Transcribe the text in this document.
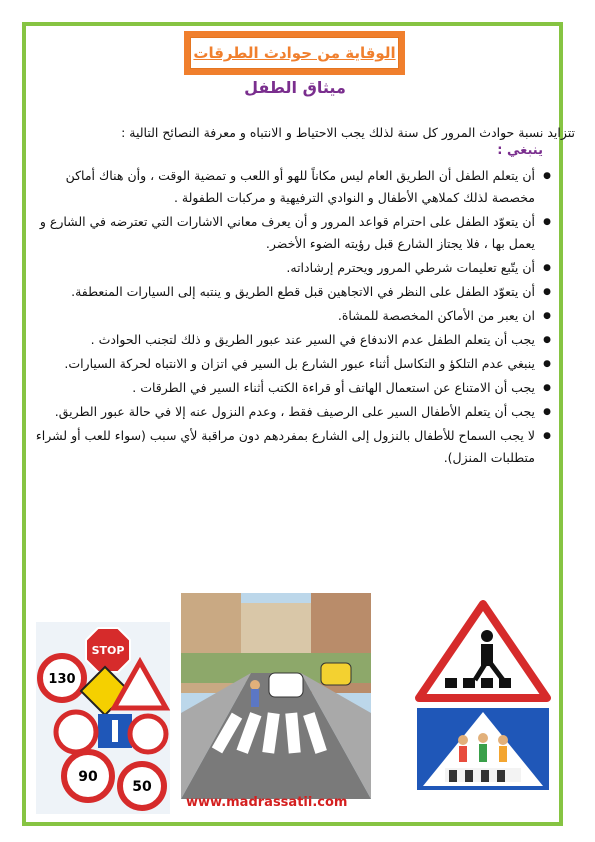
الوقاية من حوادث الطرقات
ميثاق الطفل
تتزايد نسبة حوادث المرور كل سنة لذلك يجب الاحتياط و الانتباه و معرفة النصائح التالية :
ينبغي :
● أن يتعلم الطفل أن الطريق العام ليس مكاناً للهو أو اللعب و تمضية الوقت ، وأن هناك أماكن مخصصة لذلك كملاهي الأطفال و النوادي الترفيهية و مركبات الطفولة .
● أن يتعوّد الطفل على احترام قواعد المرور و أن يعرف معاني الاشارات التي تعترضه في الشارع و يعمل بها ، فلا يجتاز الشارع قبل رؤيته الضوء الأخضر.
● أن يتّبع تعليمات شرطي المرور ويحترم إرشاداته.
● أن يتعوّد الطفل على النظر في الاتجاهين قبل قطع الطريق و ينتبه إلى السيارات المنعطفة.
● ان يعبر من الأماكن المخصصة للمشاة.
● يجب أن يتعلم الطفل عدم الاندفاع في السير عند عبور الطريق و ذلك لتجنب الحوادث .
● ينبغي عدم التلكؤ و التكاسل أثناء عبور الشارع بل السير في اتزان و الانتباه لحركة السيارات.
● يجب أن الامتناع عن استعمال الهاتف أو قراءة الكتب أثناء السير في الطرقات .
● يجب أن يتعلم الأطفال السير على الرصيف فقط ، وعدم النزول عنه إلا في حالة عبور الطريق.
● لا يجب السماح للأطفال بالنزول إلى الشارع بمفردهم دون مراقبة لأي سبب (سواء للعب أو لشراء متطلبات المنزل).
STOP
130
90
50
www.madrassatii.com
